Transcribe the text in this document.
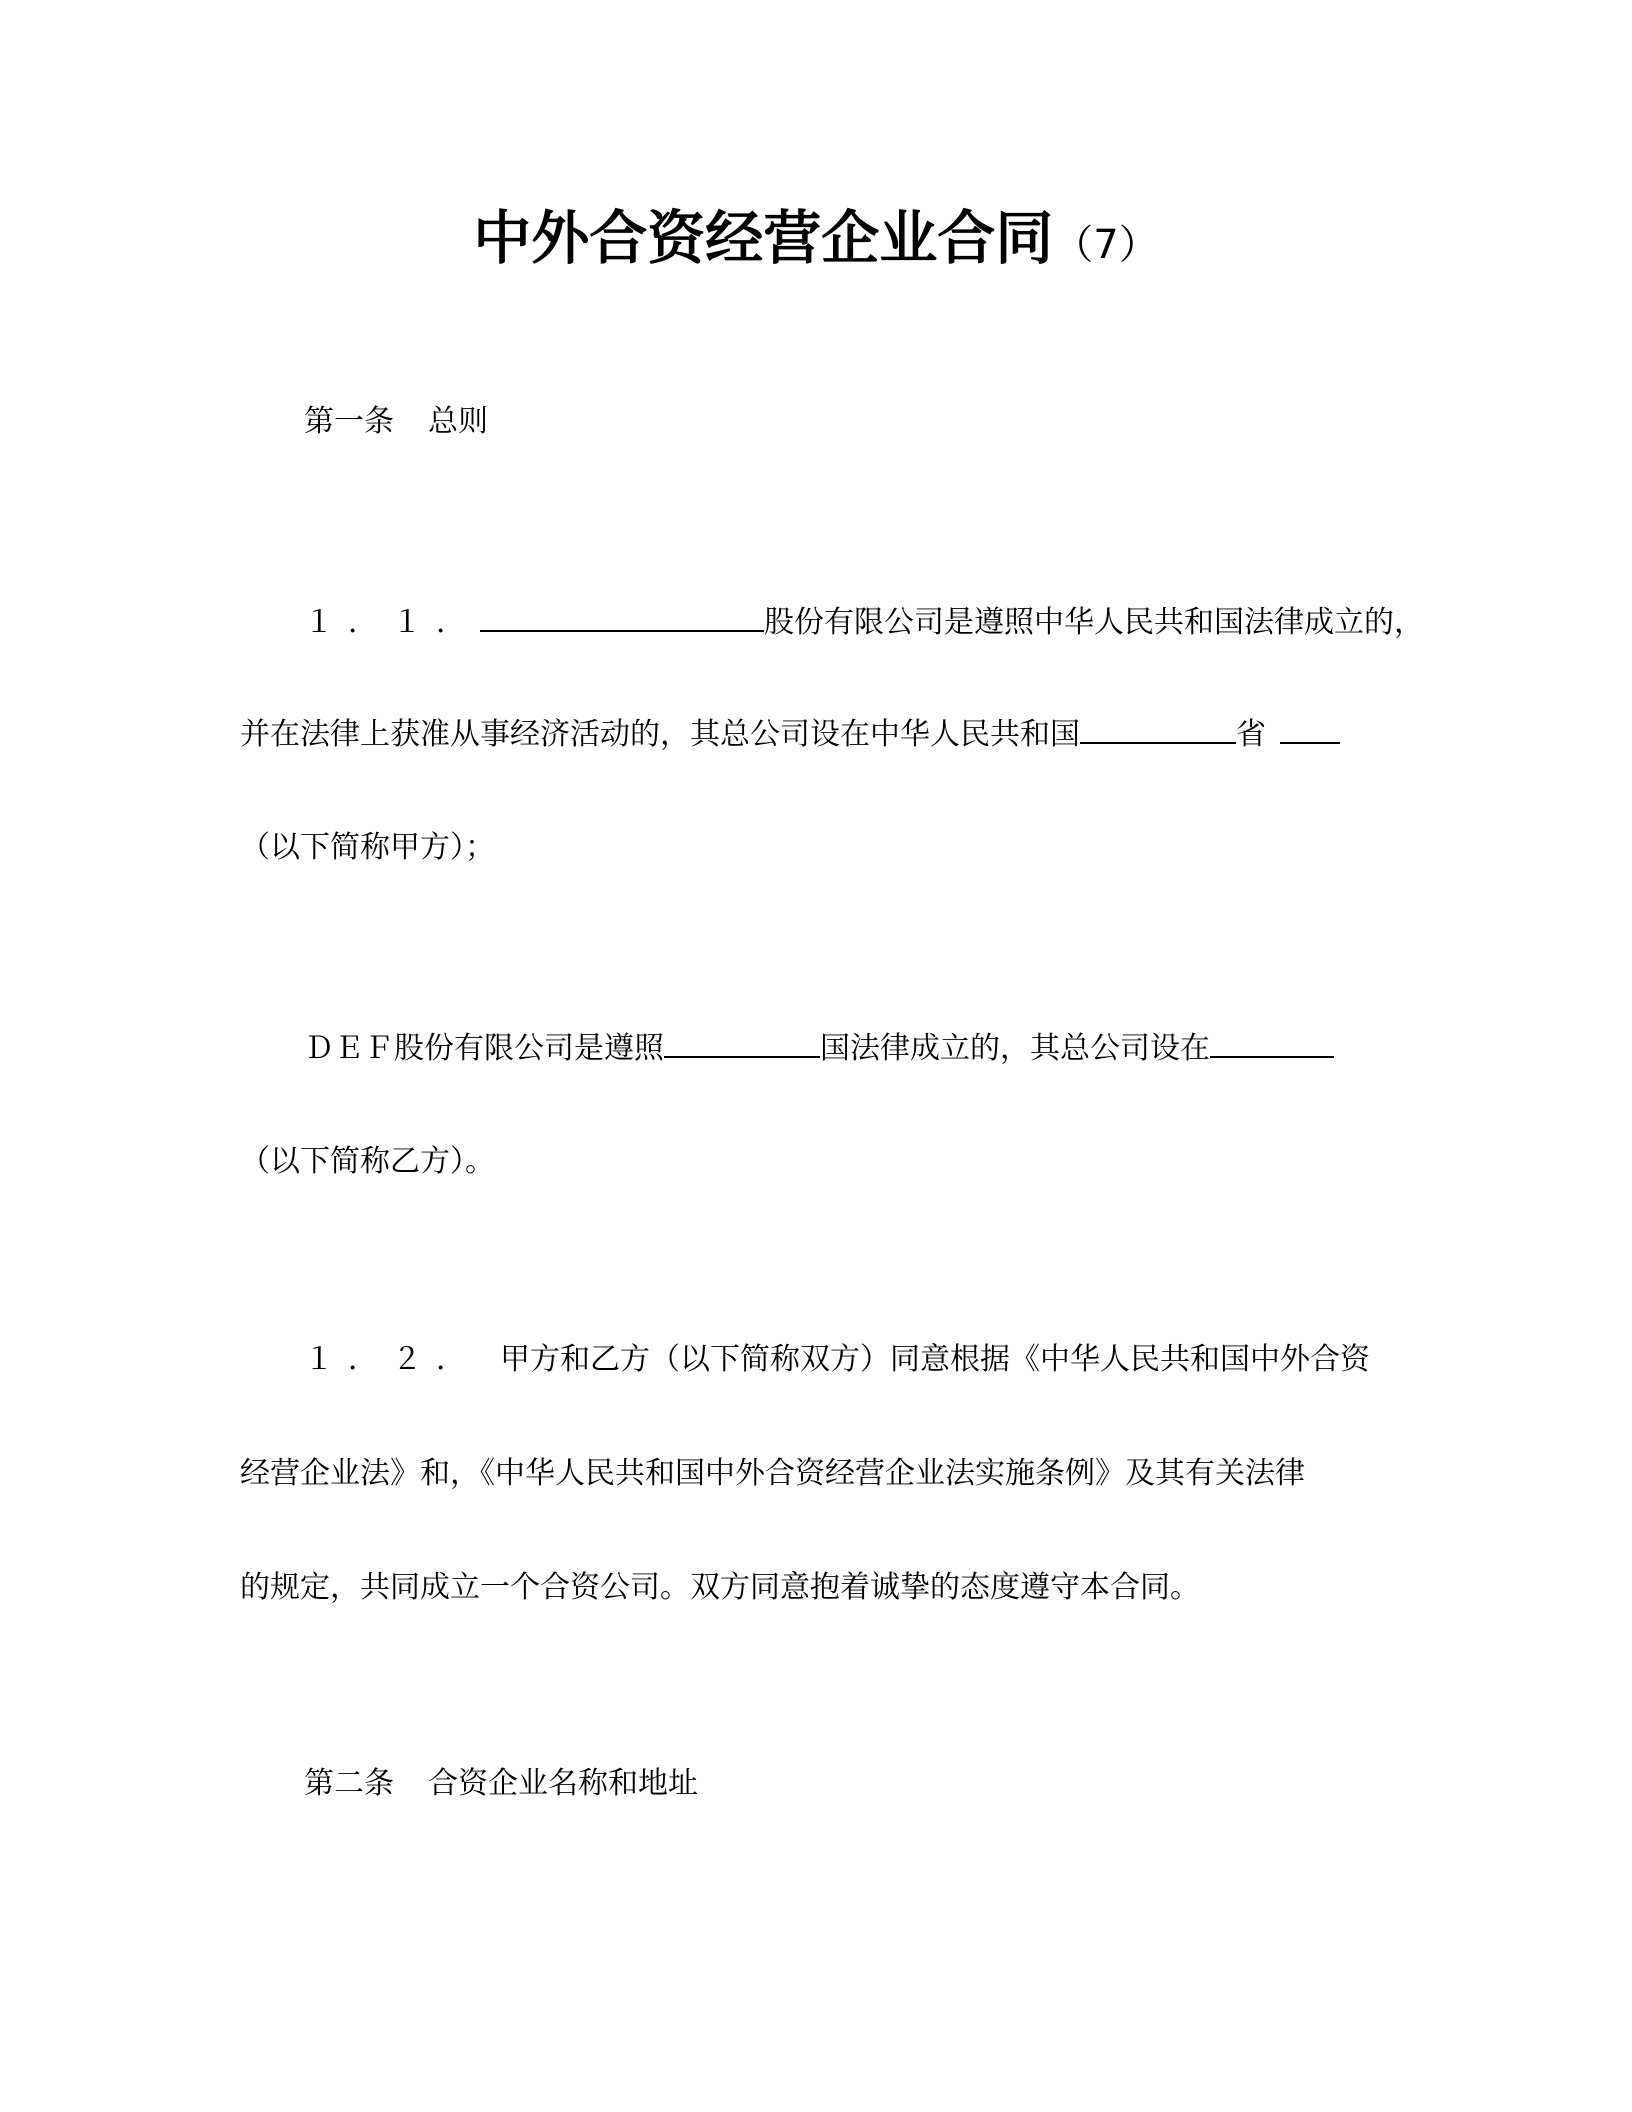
中外合资经营企业合同（7）
第一条 总则
１．１．	股份有限公司是遵照中华人民共和国法律成立的，
并在法律上获准从事经济活动的，其总公司设在中华人民共和国	省
（以下简称甲方）；
ＤＥＦ股份有限公司是遵照	国法律成立的，其总公司设在
（以下简称乙方）。
１．２． 甲方和乙方（以下简称双方）同意根据《中华人民共和国中外合资
经营企业法》和，《中华人民共和国中外合资经营企业法实施条例》及其有关法律
的规定，共同成立一个合资公司。双方同意抱着诚挚的态度遵守本合同。
第二条 合资企业名称和地址
